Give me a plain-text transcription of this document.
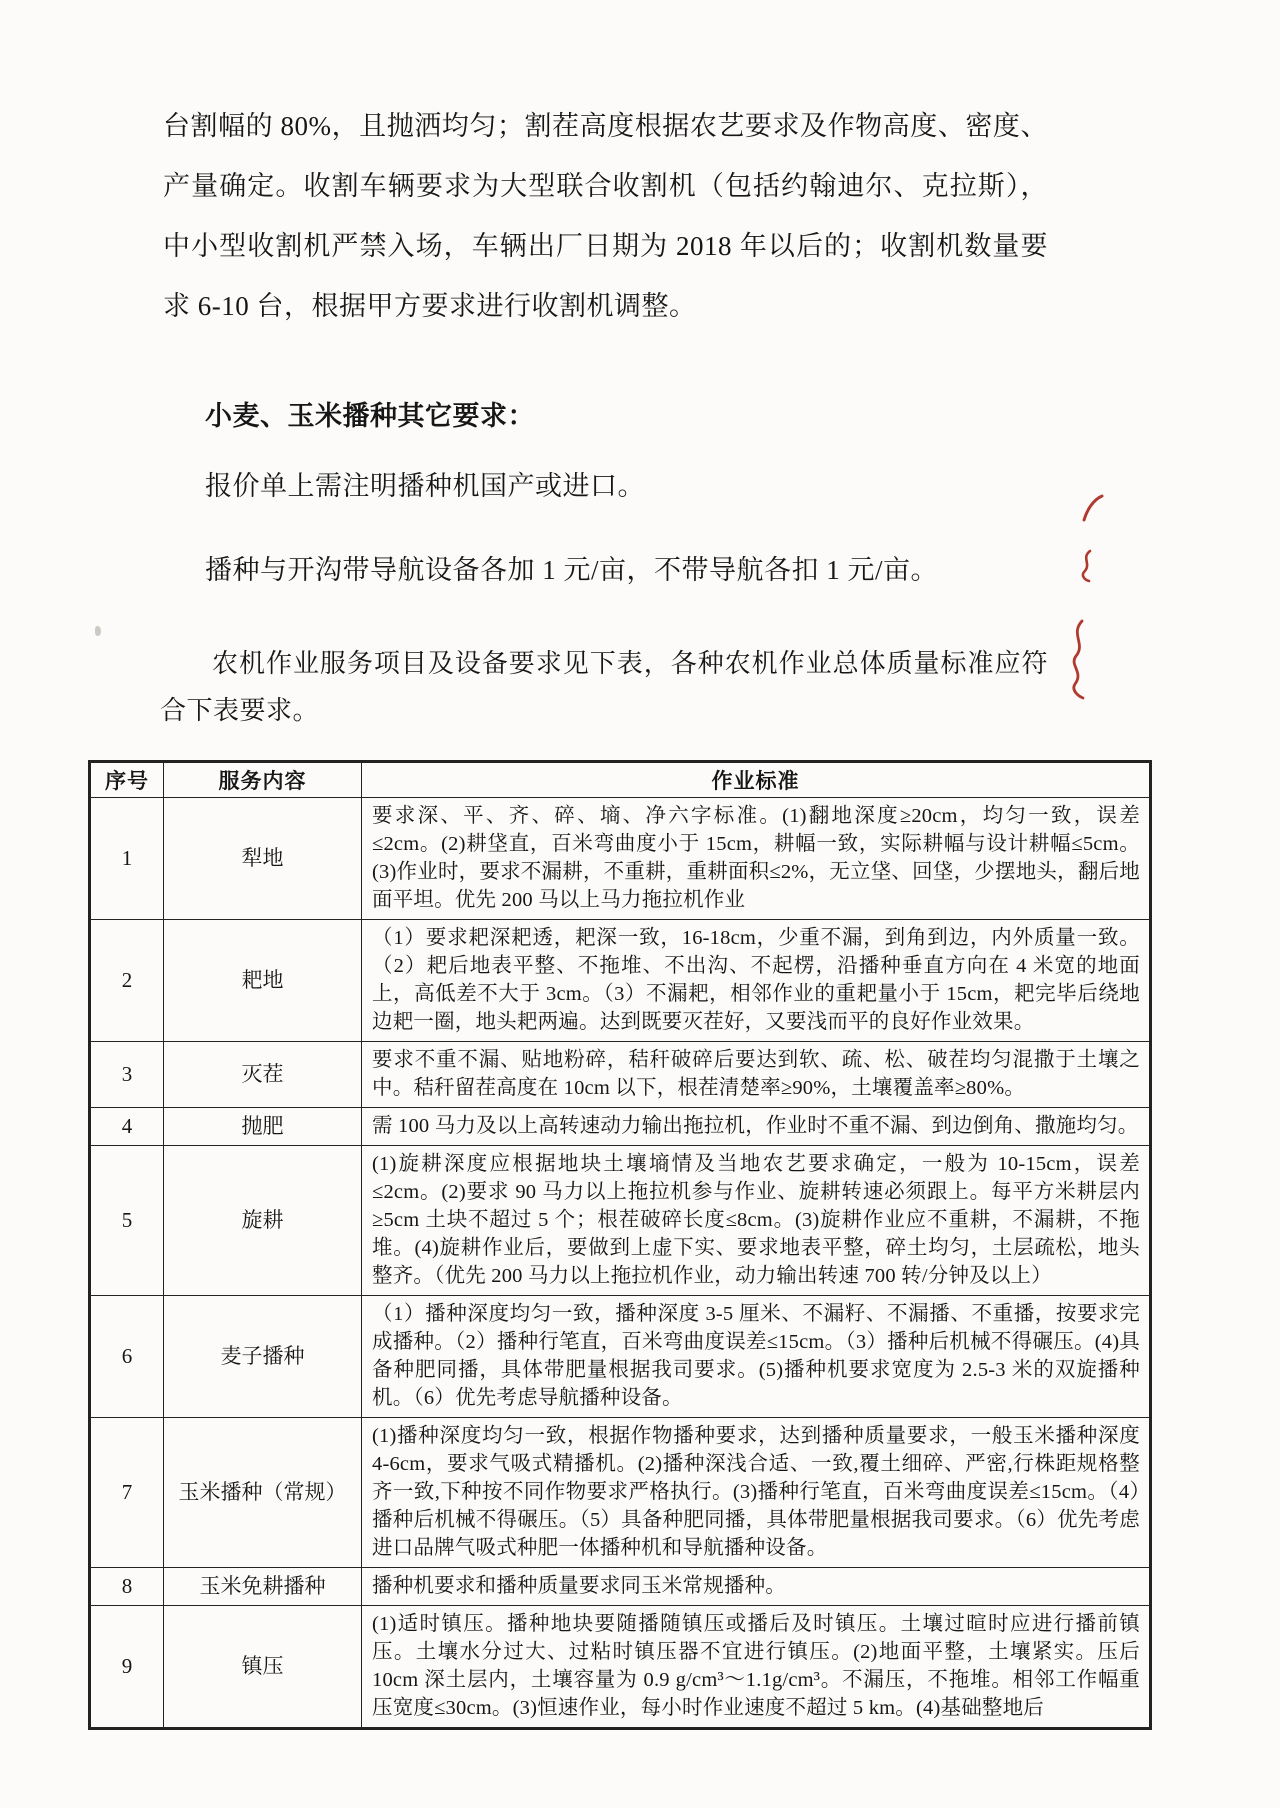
台割幅的 80%，且抛洒均匀；割茬高度根据农艺要求及作物高度、密度、产量确定。收割车辆要求为大型联合收割机（包括约翰迪尔、克拉斯），中小型收割机严禁入场，车辆出厂日期为 2018 年以后的；收割机数量要求 6-10 台，根据甲方要求进行收割机调整。

小麦、玉米播种其它要求：

报价单上需注明播种机国产或进口。

播种与开沟带导航设备各加 1 元/亩，不带导航各扣 1 元/亩。

农机作业服务项目及设备要求见下表，各种农机作业总体质量标准应符合下表要求。

序号	服务内容	作业标准
1	犁地	要求深、平、齐、碎、墒、净六字标准。(1)翻地深度≥20cm，均匀一致，误差≤2cm。(2)耕垡直，百米弯曲度小于 15cm，耕幅一致，实际耕幅与设计耕幅≤5cm。(3)作业时，要求不漏耕，不重耕，重耕面积≤2%，无立垡、回垡，少摆地头，翻后地面平坦。优先 200 马以上马力拖拉机作业
2	耙地	（1）要求耙深耙透，耙深一致，16-18cm，少重不漏，到角到边，内外质量一致。（2）耙后地表平整、不拖堆、不出沟、不起楞，沿播种垂直方向在 4 米宽的地面上，高低差不大于 3cm。（3）不漏耙，相邻作业的重耙量小于 15cm，耙完毕后绕地边耙一圈，地头耙两遍。达到既要灭茬好，又要浅而平的良好作业效果。
3	灭茬	要求不重不漏、贴地粉碎，秸秆破碎后要达到软、疏、松、破茬均匀混撒于土壤之中。秸秆留茬高度在 10cm 以下，根茬清楚率≥90%，土壤覆盖率≥80%。
4	抛肥	需 100 马力及以上高转速动力输出拖拉机，作业时不重不漏、到边倒角、撒施均匀。
5	旋耕	(1)旋耕深度应根据地块土壤墒情及当地农艺要求确定，一般为 10-15cm，误差≤2cm。(2)要求 90 马力以上拖拉机参与作业、旋耕转速必须跟上。每平方米耕层内≥5cm 土块不超过 5 个；根茬破碎长度≤8cm。(3)旋耕作业应不重耕，不漏耕，不拖堆。(4)旋耕作业后，要做到上虚下实、要求地表平整，碎土均匀，土层疏松，地头整齐。（优先 200 马力以上拖拉机作业，动力输出转速 700 转/分钟及以上）
6	麦子播种	（1）播种深度均匀一致，播种深度 3-5 厘米、不漏籽、不漏播、不重播，按要求完成播种。（2）播种行笔直，百米弯曲度误差≤15cm。（3）播种后机械不得碾压。(4)具备种肥同播，具体带肥量根据我司要求。(5)播种机要求宽度为 2.5-3 米的双旋播种机。（6）优先考虑导航播种设备。
7	玉米播种（常规）	(1)播种深度均匀一致，根据作物播种要求，达到播种质量要求，一般玉米播种深度 4-6cm，要求气吸式精播机。(2)播种深浅合适、一致,覆土细碎、严密,行株距规格整齐一致,下种按不同作物要求严格执行。(3)播种行笔直，百米弯曲度误差≤15cm。（4）播种后机械不得碾压。（5）具备种肥同播，具体带肥量根据我司要求。（6）优先考虑进口品牌气吸式种肥一体播种机和导航播种设备。
8	玉米免耕播种	播种机要求和播种质量要求同玉米常规播种。
9	镇压	(1)适时镇压。播种地块要随播随镇压或播后及时镇压。土壤过暄时应进行播前镇压。土壤水分过大、过粘时镇压器不宜进行镇压。(2)地面平整，土壤紧实。压后 10cm 深土层内，土壤容量为 0.9 g/cm³～1.1g/cm³。不漏压，不拖堆。相邻工作幅重压宽度≤30cm。(3)恒速作业，每小时作业速度不超过 5 km。(4)基础整地后
